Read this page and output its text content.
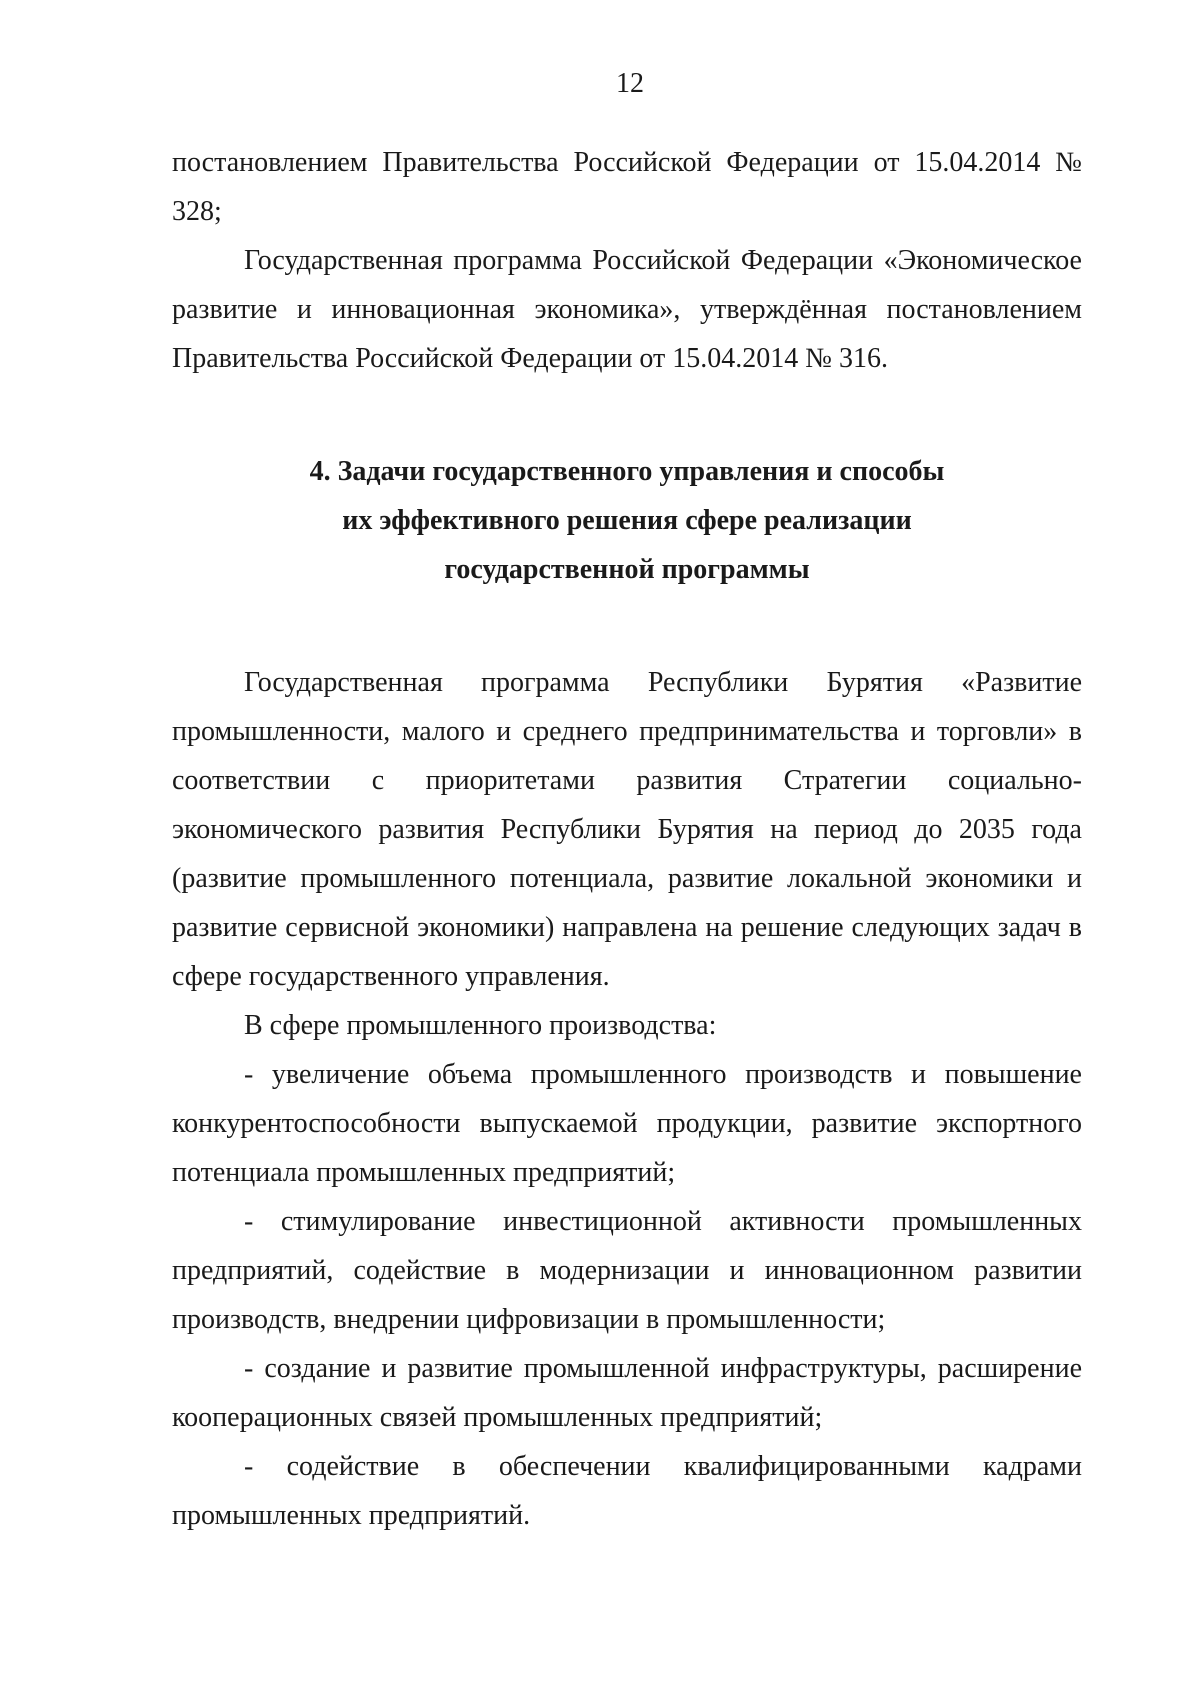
12

постановлением Правительства Российской Федерации от 15.04.2014 № 328;

Государственная программа Российской Федерации «Экономическое развитие и инновационная экономика», утверждённая постановлением Правительства Российской Федерации от 15.04.2014 № 316.

4. Задачи государственного управления и способы
их эффективного решения сфере реализации
государственной программы

Государственная программа Республики Бурятия «Развитие промышленности, малого и среднего предпринимательства и торговли» в соответствии с приоритетами развития Стратегии социально-экономического развития Республики Бурятия на период до 2035 года (развитие промышленного потенциала, развитие локальной экономики и развитие сервисной экономики) направлена на решение следующих задач в сфере государственного управления.

В сфере промышленного производства:

- увеличение объема промышленного производств и повышение конкурентоспособности выпускаемой продукции, развитие экспортного потенциала промышленных предприятий;

- стимулирование инвестиционной активности промышленных предприятий, содействие в модернизации и инновационном развитии производств, внедрении цифровизации в промышленности;

- создание и развитие промышленной инфраструктуры, расширение кооперационных связей промышленных предприятий;

- содействие в обеспечении квалифицированными кадрами промышленных предприятий.
